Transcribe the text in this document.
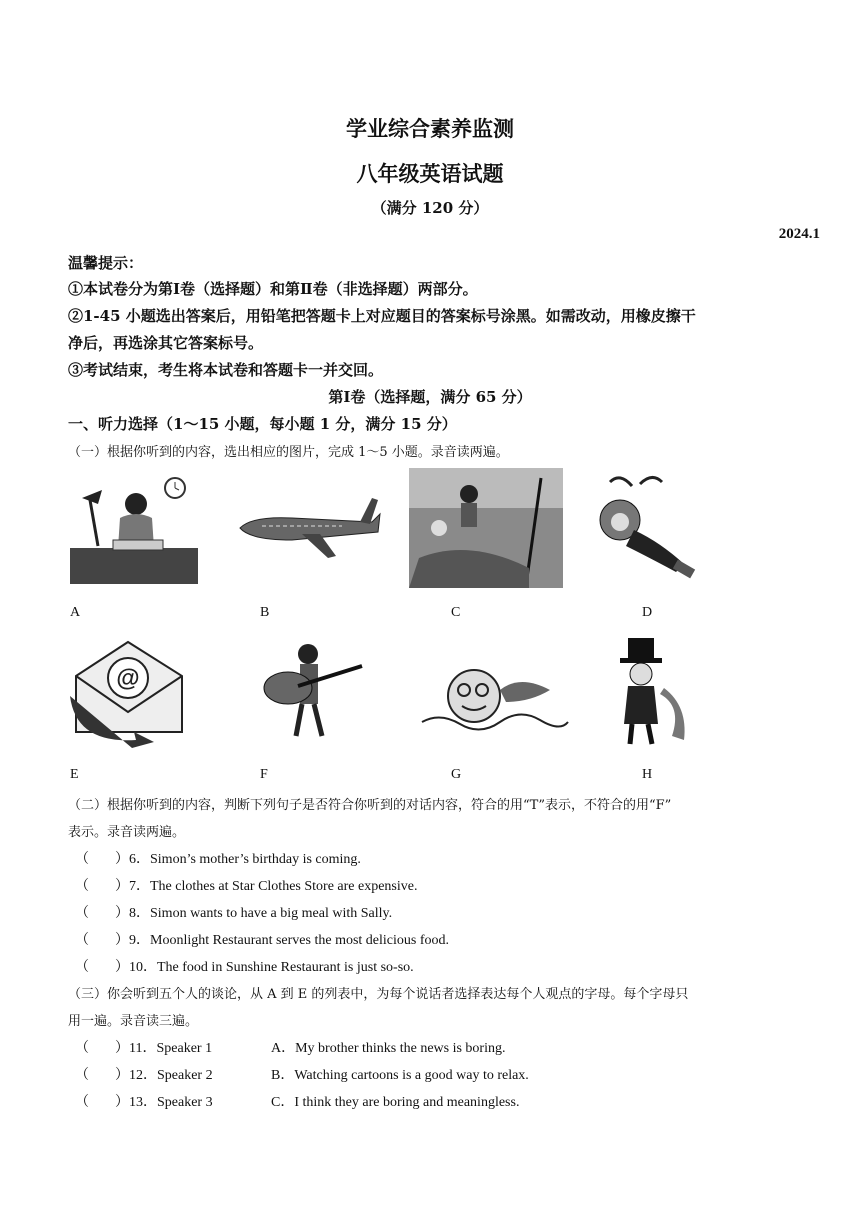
学业综合素养监测
八年级英语试题
（满分 120 分）
2024.1
温馨提示：
①本试卷分为第Ⅰ卷（选择题）和第Ⅱ卷（非选择题）两部分。
②1-45 小题选出答案后，用铅笔把答题卡上对应题目的答案标号涂黑。如需改动，用橡皮擦干
净后，再选涂其它答案标号。
③考试结束，考生将本试卷和答题卡一并交回。
第Ⅰ卷（选择题，满分 65 分）
一、听力选择（1～15 小题，每小题 1 分，满分 15 分）
（一）根据你听到的内容，选出相应的图片，完成 1～5 小题。录音读两遍。
A	B	C	D
@
E	F	G	H
（二）根据你听到的内容，判断下列句子是否符合你听到的对话内容，符合的用“T”表示，不符合的用“F”
表示。录音读两遍。
（ ）6．Simon’s mother’s birthday is coming.
（ ）7．The clothes at Star Clothes Store are expensive.
（ ）8．Simon wants to have a big meal with Sally.
（ ）9．Moonlight Restaurant serves the most delicious food.
（ ）10．The food in Sunshine Restaurant is just so-so.
（三）你会听到五个人的谈论，从 A 到 E 的列表中，为每个说话者选择表达每个人观点的字母。每个字母只
用一遍。录音读三遍。
（ ）11．Speaker 1	A．My brother thinks the news is boring.
（ ）12．Speaker 2	B．Watching cartoons is a good way to relax.
（ ）13．Speaker 3	C．I think they are boring and meaningless.
